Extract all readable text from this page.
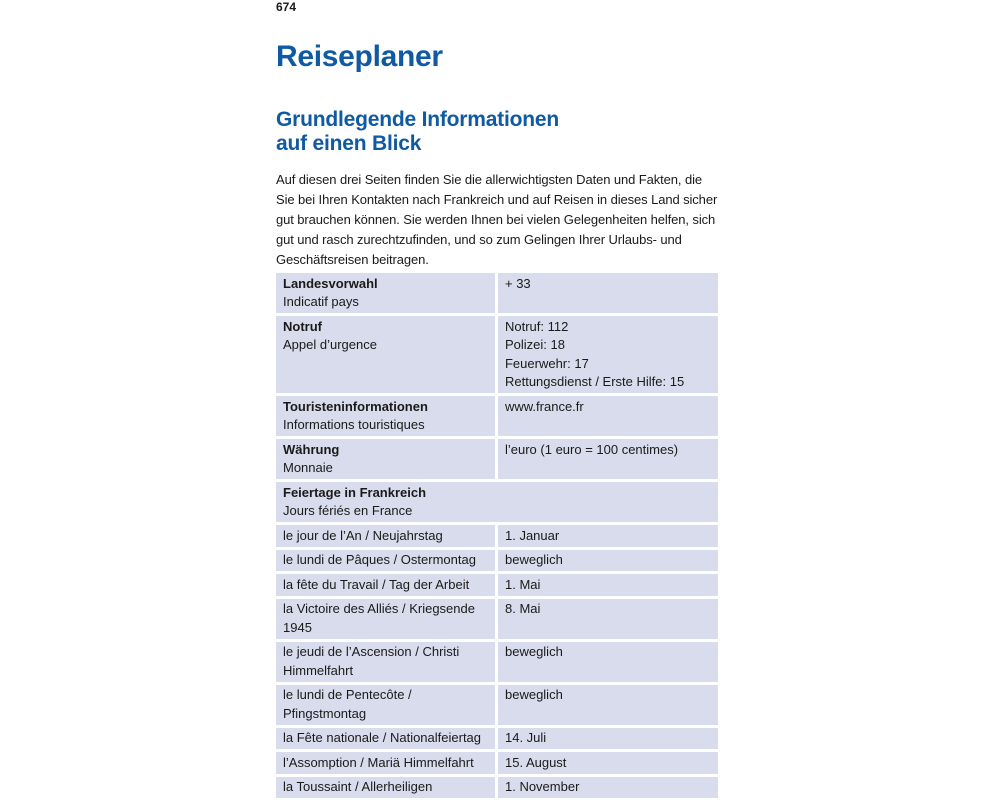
674
Reiseplaner
Grundlegende Informationen
auf einen Blick

Auf diesen drei Seiten finden Sie die allerwichtigsten Daten und Fakten, die Sie bei Ihren Kontakten nach Frankreich und auf Reisen in dieses Land sicher gut brauchen können. Sie werden Ihnen bei vielen Gelegenheiten helfen, sich gut und rasch zurechtzufinden, und so zum Gelingen Ihrer Urlaubs- und Geschäftsreisen beitragen.

Landesvorwahl
Indicatif pays	+ 33

Notruf
Appel d’urgence	Notruf: 112
Polizei: 18
Feuerwehr: 17
Rettungsdienst / Erste Hilfe: 15

Touristeninformationen
Informations touristiques	www.france.fr

Währung
Monnaie	l’euro (1 euro = 100 centimes)

Feiertage in Frankreich
Jours fériés en France	

le jour de l’An / Neujahrstag	1. Januar
le lundi de Pâques / Ostermontag	beweglich
la fête du Travail / Tag der Arbeit	1. Mai
la Victoire des Alliés / Kriegsende 1945	8. Mai
le jeudi de l’Ascension / Christi Himmelfahrt	beweglich
le lundi de Pentecôte / Pfingstmontag	beweglich
la Fête nationale / Nationalfeiertag	14. Juli
l’Assomption / Mariä Himmelfahrt	15. August
la Toussaint / Allerheiligen	1. November
